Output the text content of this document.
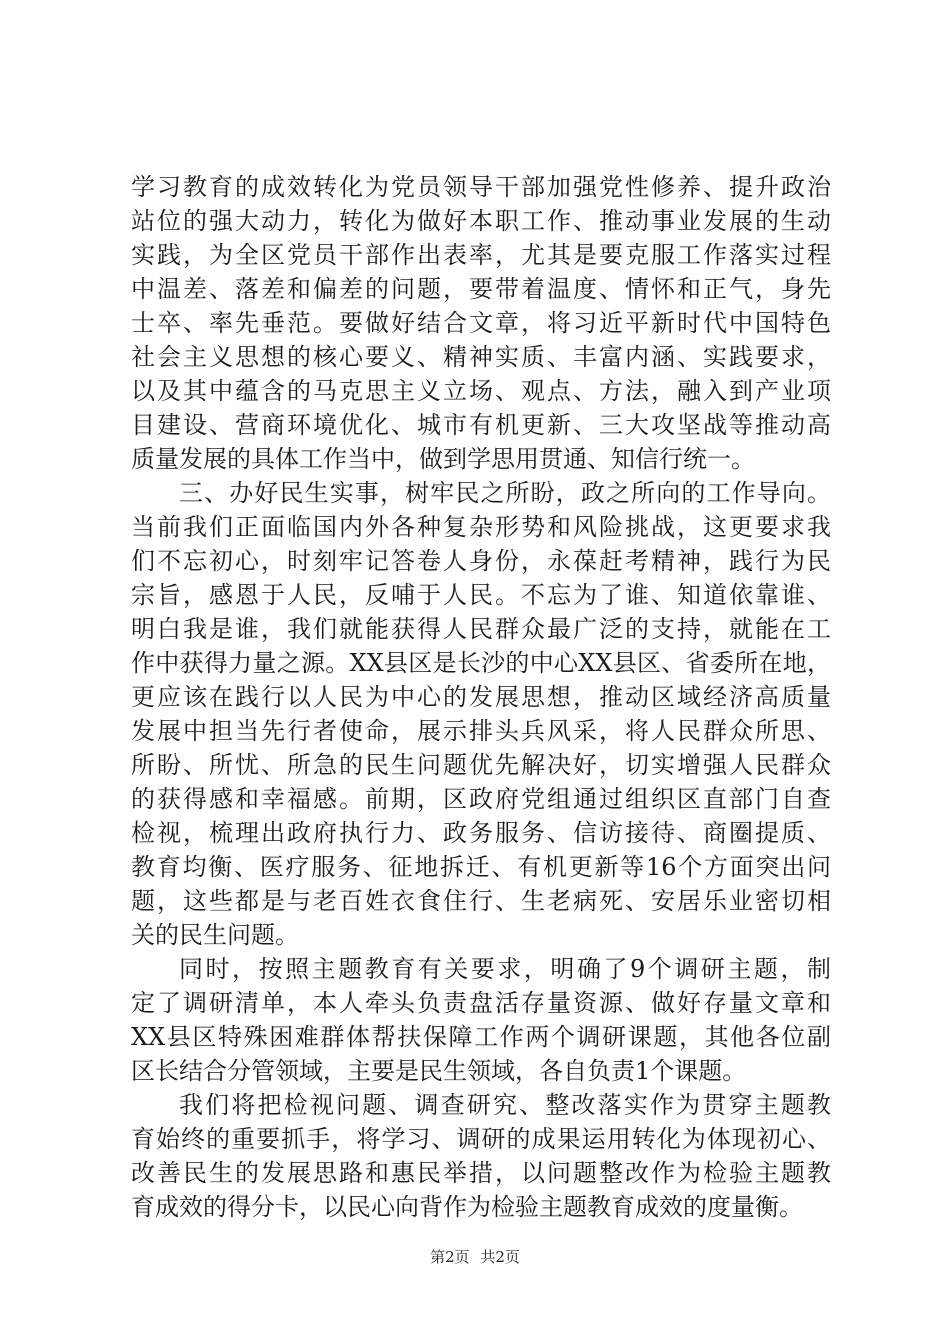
学习教育的成效转化为党员领导干部加强党性修养、提升政治
站位的强大动力，转化为做好本职工作、推动事业发展的生动
实践，为全区党员干部作出表率，尤其是要克服工作落实过程
中温差、落差和偏差的问题，要带着温度、情怀和正气，身先
士卒、率先垂范。要做好结合文章，将习近平新时代中国特色
社会主义思想的核心要义、精神实质、丰富内涵、实践要求，
以及其中蕴含的马克思主义立场、观点、方法，融入到产业项
目建设、营商环境优化、城市有机更新、三大攻坚战等推动高
质量发展的具体工作当中，做到学思用贯通、知信行统一。
三、办好民生实事，树牢民之所盼，政之所向的工作导向。
当前我们正面临国内外各种复杂形势和风险挑战，这更要求我
们不忘初心，时刻牢记答卷人身份，永葆赶考精神，践行为民
宗旨，感恩于人民，反哺于人民。不忘为了谁、知道依靠谁、
明白我是谁，我们就能获得人民群众最广泛的支持，就能在工
作中获得力量之源。XX县区是长沙的中心XX县区、省委所在地，
更应该在践行以人民为中心的发展思想，推动区域经济高质量
发展中担当先行者使命，展示排头兵风采，将人民群众所思、
所盼、所忧、所急的民生问题优先解决好，切实增强人民群众
的获得感和幸福感。前期，区政府党组通过组织区直部门自查
检视，梳理出政府执行力、政务服务、信访接待、商圈提质、
教育均衡、医疗服务、征地拆迁、有机更新等16个方面突出问
题，这些都是与老百姓衣食住行、生老病死、安居乐业密切相
关的民生问题。
同时，按照主题教育有关要求，明确了9个调研主题，制
定了调研清单，本人牵头负责盘活存量资源、做好存量文章和
XX县区特殊困难群体帮扶保障工作两个调研课题，其他各位副
区长结合分管领域，主要是民生领域，各自负责1个课题。
我们将把检视问题、调查研究、整改落实作为贯穿主题教
育始终的重要抓手，将学习、调研的成果运用转化为体现初心、
改善民生的发展思路和惠民举措，以问题整改作为检验主题教
育成效的得分卡，以民心向背作为检验主题教育成效的度量衡。
第2页 共2页
